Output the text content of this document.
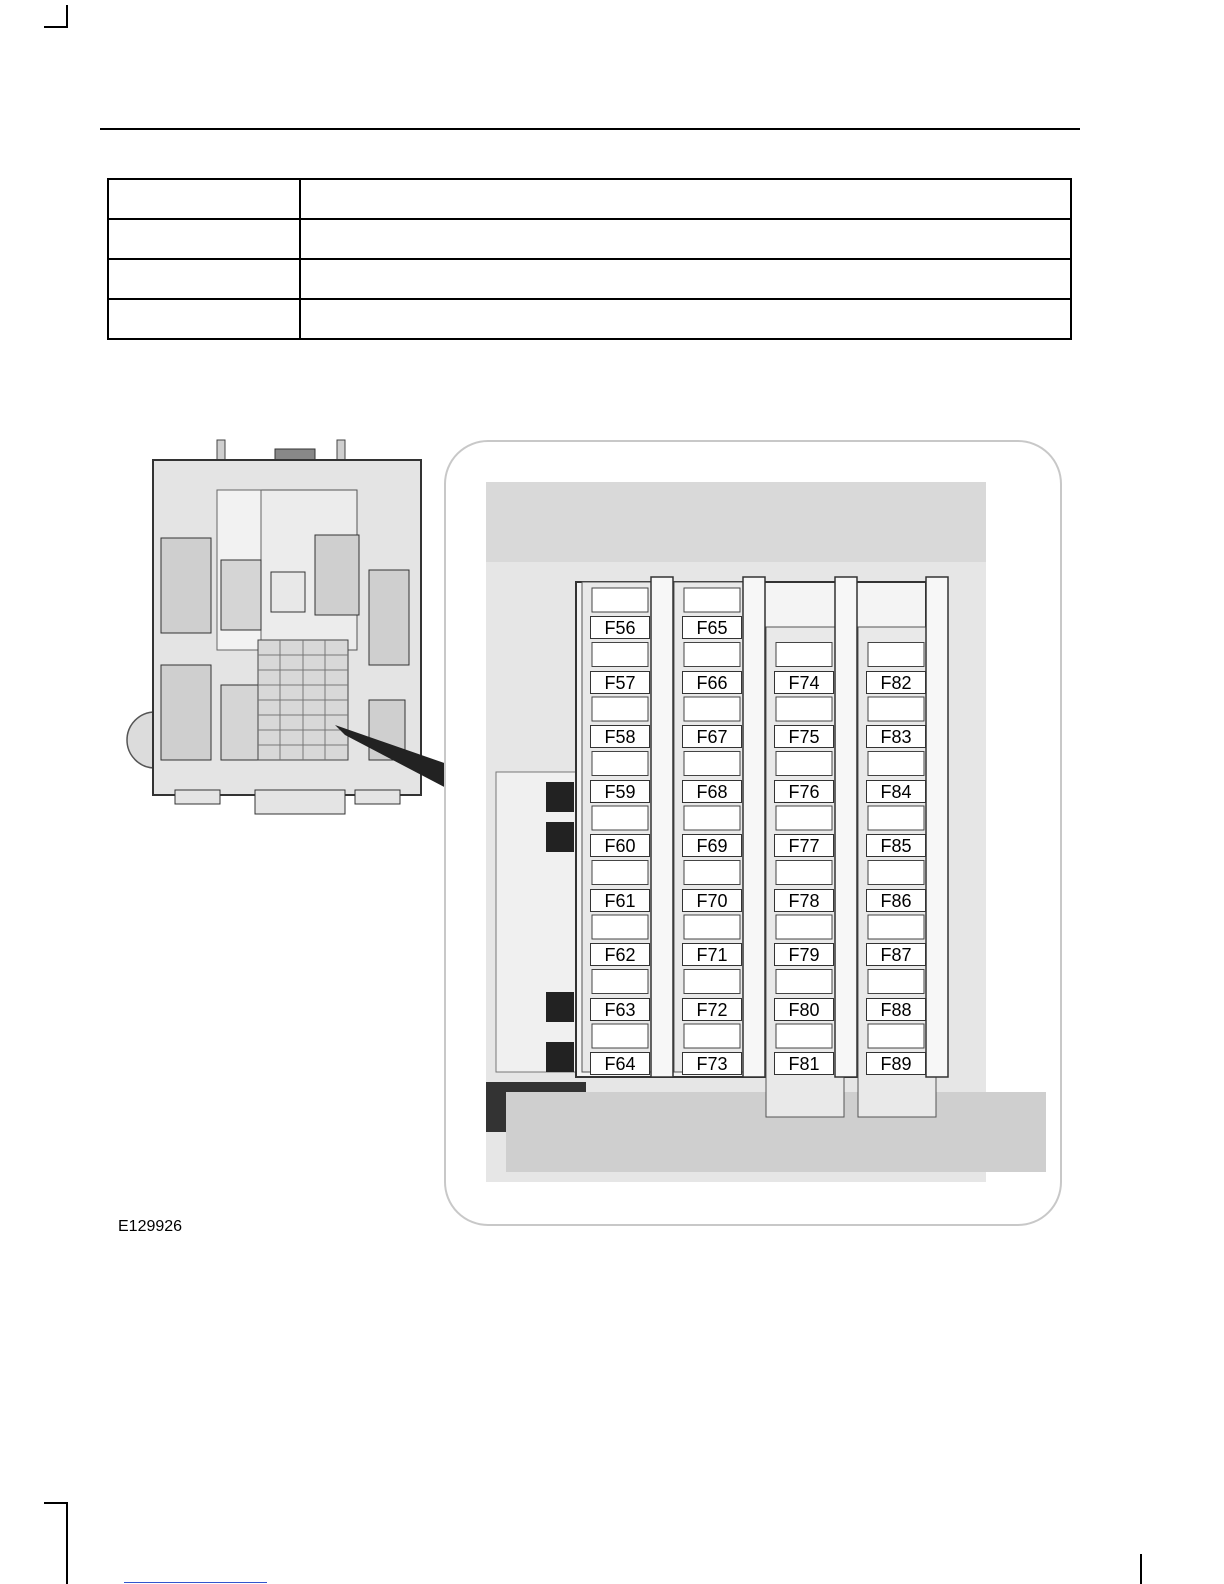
F56
F57
F58
F59
F60
F61
F62
F63
F64
F65
F66
F67
F68
F69
F70
F71
F72
F73
F74
F75
F76
F77
F78
F79
F80
F81
F82
F83
F84
F85
F86
F87
F88
F89
E129926
